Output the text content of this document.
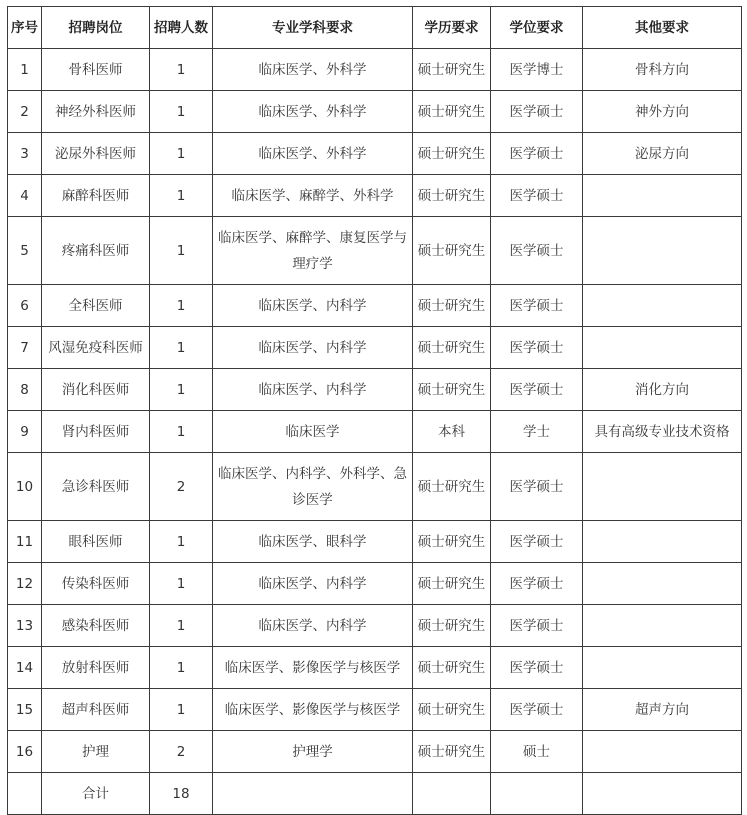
序号	招聘岗位	招聘人数	专业学科要求	学历要求	学位要求	其他要求
1	骨科医师	1	临床医学、外科学	硕士研究生	医学博士	骨科方向
2	神经外科医师	1	临床医学、外科学	硕士研究生	医学硕士	神外方向
3	泌尿外科医师	1	临床医学、外科学	硕士研究生	医学硕士	泌尿方向
4	麻醉科医师	1	临床医学、麻醉学、外科学	硕士研究生	医学硕士	
5	疼痛科医师	1	临床医学、麻醉学、康复医学与理疗学	硕士研究生	医学硕士	
6	全科医师	1	临床医学、内科学	硕士研究生	医学硕士	
7	风湿免疫科医师	1	临床医学、内科学	硕士研究生	医学硕士	
8	消化科医师	1	临床医学、内科学	硕士研究生	医学硕士	消化方向
9	肾内科医师	1	临床医学	本科	学士	具有高级专业技术资格
10	急诊科医师	2	临床医学、内科学、外科学、急诊医学	硕士研究生	医学硕士	
11	眼科医师	1	临床医学、眼科学	硕士研究生	医学硕士	
12	传染科医师	1	临床医学、内科学	硕士研究生	医学硕士	
13	感染科医师	1	临床医学、内科学	硕士研究生	医学硕士	
14	放射科医师	1	临床医学、影像医学与核医学	硕士研究生	医学硕士	
15	超声科医师	1	临床医学、影像医学与核医学	硕士研究生	医学硕士	超声方向
16	护理	2	护理学	硕士研究生	硕士	
	合计	18				
